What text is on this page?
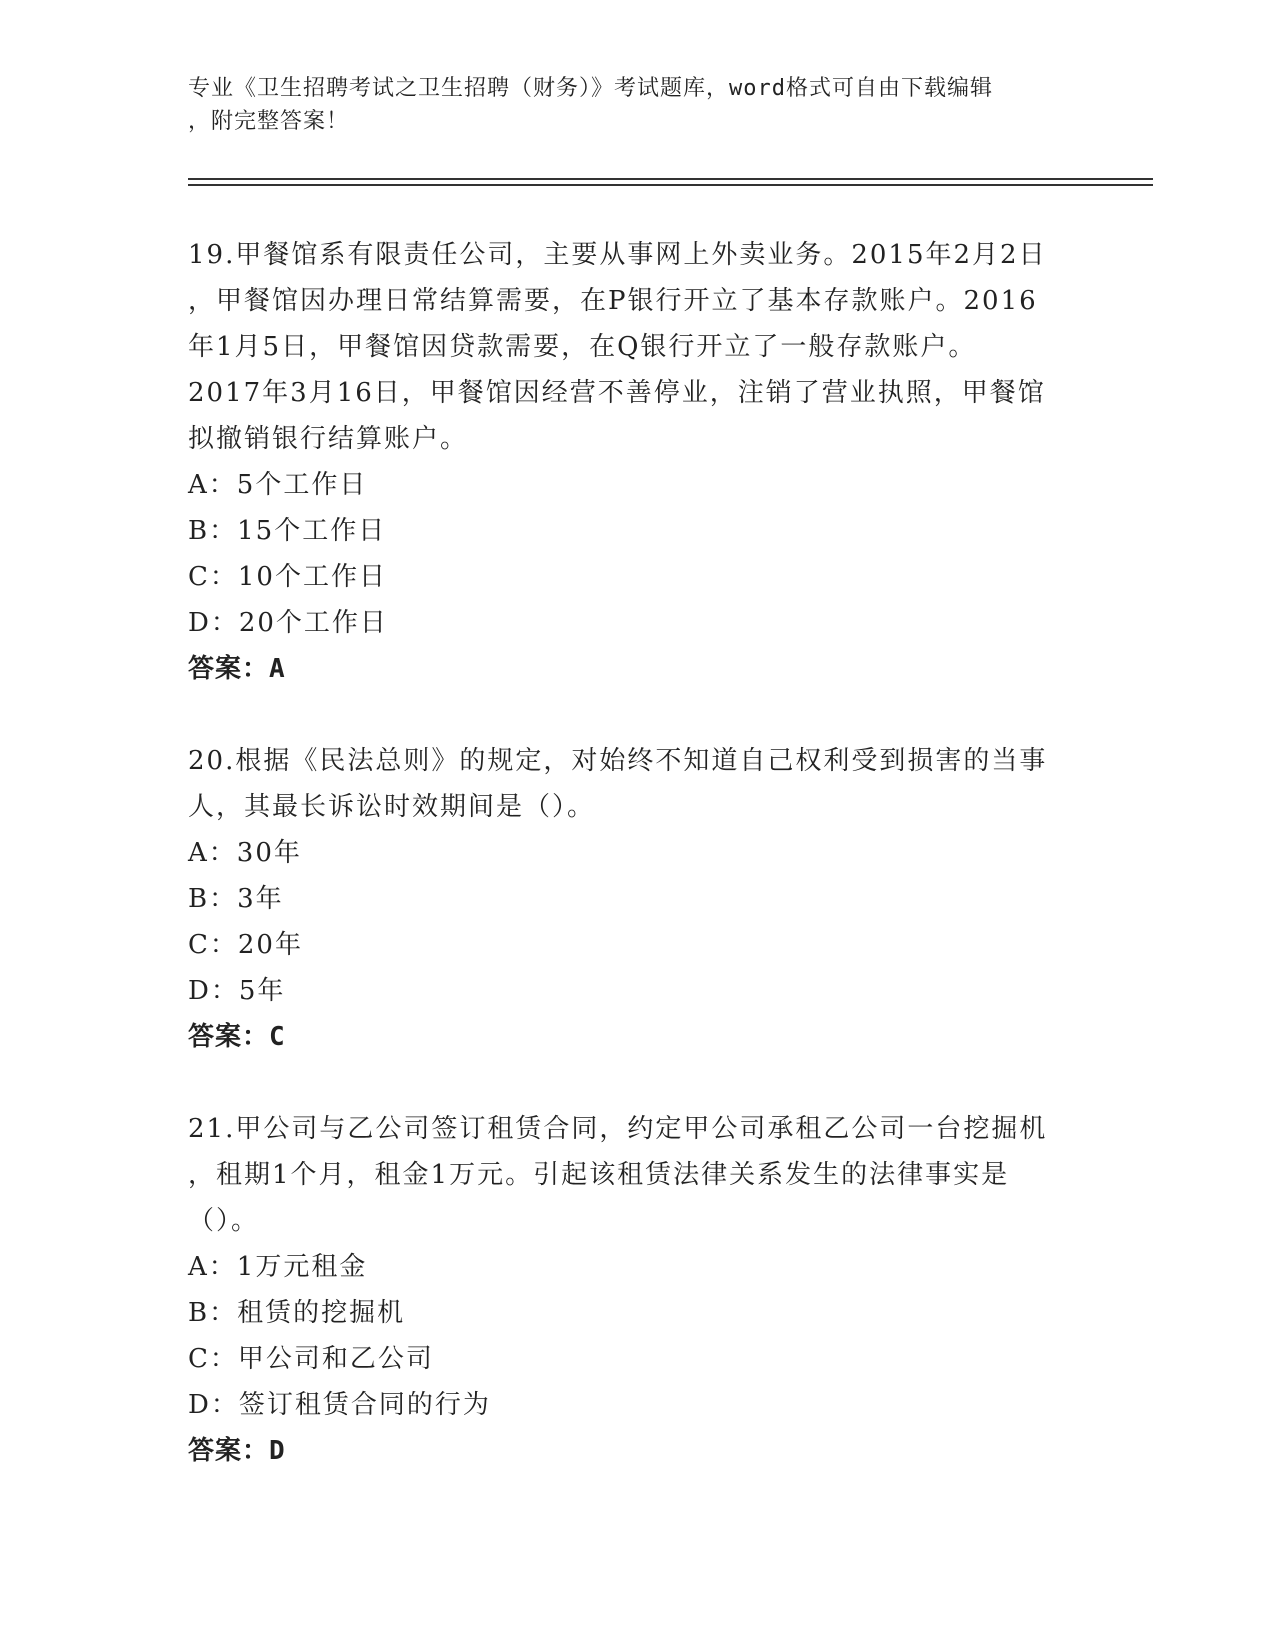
专业《卫生招聘考试之卫生招聘（财务）》考试题库，word格式可自由下载编辑
，附完整答案！
19.甲餐馆系有限责任公司，主要从事网上外卖业务。2015年2月2日
，甲餐馆因办理日常结算需要，在P银行开立了基本存款账户。2016
年1月5日，甲餐馆因贷款需要，在Q银行开立了一般存款账户。
2017年3月16日，甲餐馆因经营不善停业，注销了营业执照，甲餐馆
拟撤销银行结算账户。
A：5个工作日
B：15个工作日
C：10个工作日
D：20个工作日
答案：A
20.根据《民法总则》的规定，对始终不知道自己权利受到损害的当事
人，其最长诉讼时效期间是（）。
A：30年
B：3年
C：20年
D：5年
答案：C
21.甲公司与乙公司签订租赁合同，约定甲公司承租乙公司一台挖掘机
，租期1个月，租金1万元。引起该租赁法律关系发生的法律事实是
（）。
A：1万元租金
B：租赁的挖掘机
C：甲公司和乙公司
D：签订租赁合同的行为
答案：D
